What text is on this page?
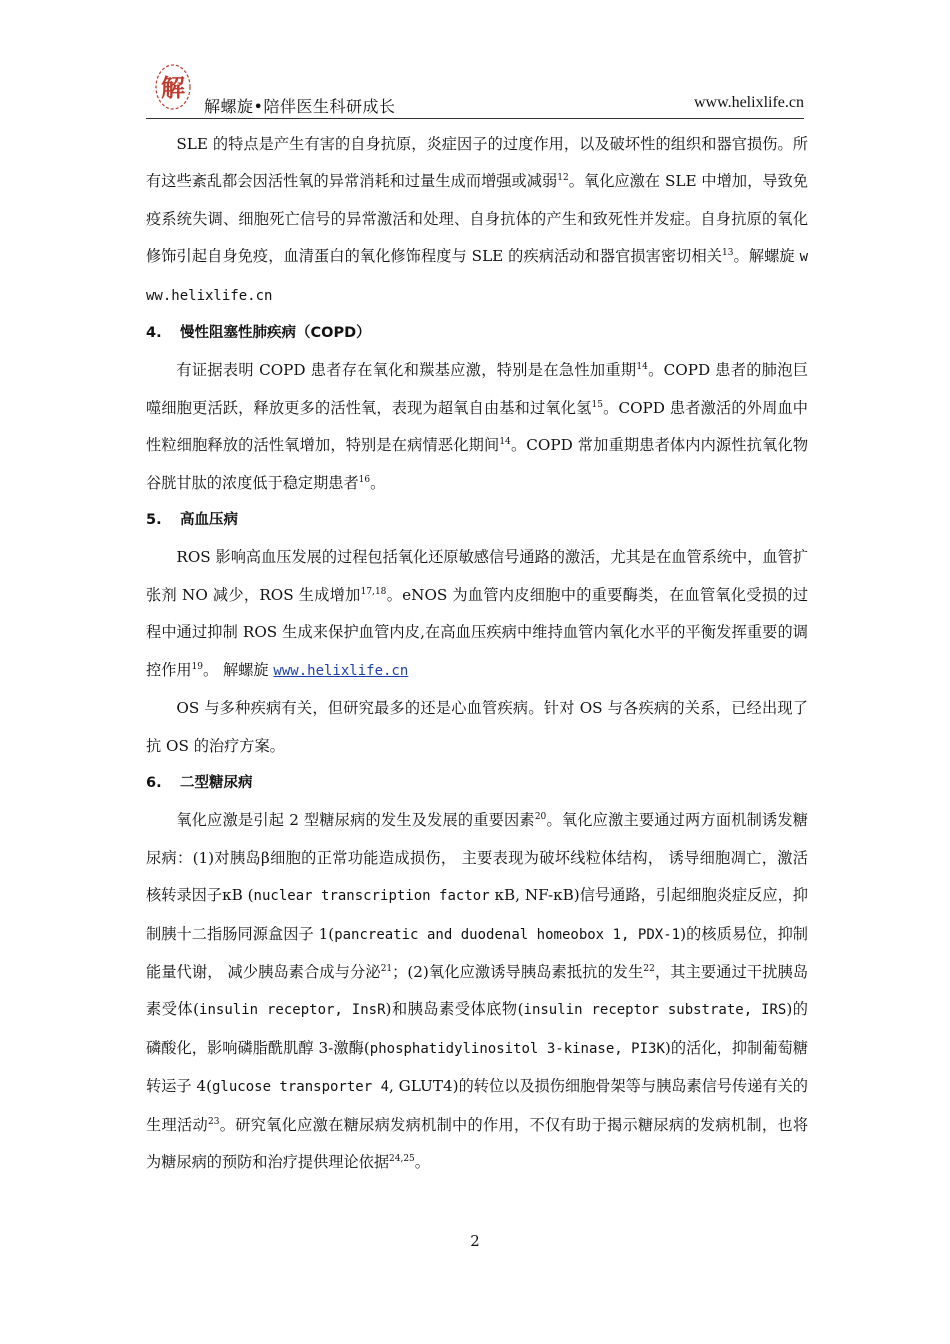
解
解螺旋•陪伴医生科研成长	www.helixlife.cn

SLE 的特点是产生有害的自身抗原，炎症因子的过度作用，以及破坏性的组织和器官损伤。所有这些紊乱都会因活性氧的异常消耗和过量生成而增强或减弱$^{12}$。氧化应激在 SLE 中增加，导致免疫系统失调、细胞死亡信号的异常激活和处理、自身抗体的产生和致死性并发症。自身抗原的氧化修饰引起自身免疫，血清蛋白的氧化修饰程度与 SLE 的疾病活动和器官损害密切相关$^{13}$。解螺旋 www.helixlife.cn

4. 慢性阻塞性肺疾病（COPD）

有证据表明 COPD 患者存在氧化和羰基应激，特别是在急性加重期$^{14}$。COPD 患者的肺泡巨噬细胞更活跃，释放更多的活性氧，表现为超氧自由基和过氧化氢$^{15}$。COPD 患者激活的外周血中性粒细胞释放的活性氧增加，特别是在病情恶化期间$^{14}$。COPD 常加重期患者体内内源性抗氧化物谷胱甘肽的浓度低于稳定期患者$^{16}$。

5. 高血压病

ROS 影响高血压发展的过程包括氧化还原敏感信号通路的激活，尤其是在血管系统中，血管扩张剂 NO 减少，ROS 生成增加$^{17,18}$。eNOS 为血管内皮细胞中的重要酶类，在血管氧化受损的过程中通过抑制 ROS 生成来保护血管内皮,在高血压疾病中维持血管内氧化水平的平衡发挥重要的调控作用$^{19}$。 解螺旋 www.helixlife.cn

OS 与多种疾病有关，但研究最多的还是心血管疾病。针对 OS 与各疾病的关系，已经出现了抗 OS 的治疗方案。

6. 二型糖尿病

氧化应激是引起 2 型糖尿病的发生及发展的重要因素$^{20}$。氧化应激主要通过两方面机制诱发糖尿病：(1)对胰岛β细胞的正常功能造成损伤， 主要表现为破坏线粒体结构， 诱导细胞凋亡，激活核转录因子κB (nuclear transcription factor κB, NF-κB)信号通路，引起细胞炎症反应，抑制胰十二指肠同源盒因子 1(pancreatic and duodenal homeobox 1, PDX-1)的核质易位，抑制能量代谢， 减少胰岛素合成与分泌$^{21}$；(2)氧化应激诱导胰岛素抵抗的发生$^{22}$，其主要通过干扰胰岛素受体(insulin receptor, InsR)和胰岛素受体底物(insulin receptor substrate, IRS)的磷酸化，影响磷脂酰肌醇 3-激酶(phosphatidylinositol 3-kinase, PI3K)的活化，抑制葡萄糖转运子 4(glucose transporter 4, GLUT4)的转位以及损伤细胞骨架等与胰岛素信号传递有关的生理活动$^{23}$。研究氧化应激在糖尿病发病机制中的作用，不仅有助于揭示糖尿病的发病机制，也将为糖尿病的预防和治疗提供理论依据$^{24,25}$。

2
